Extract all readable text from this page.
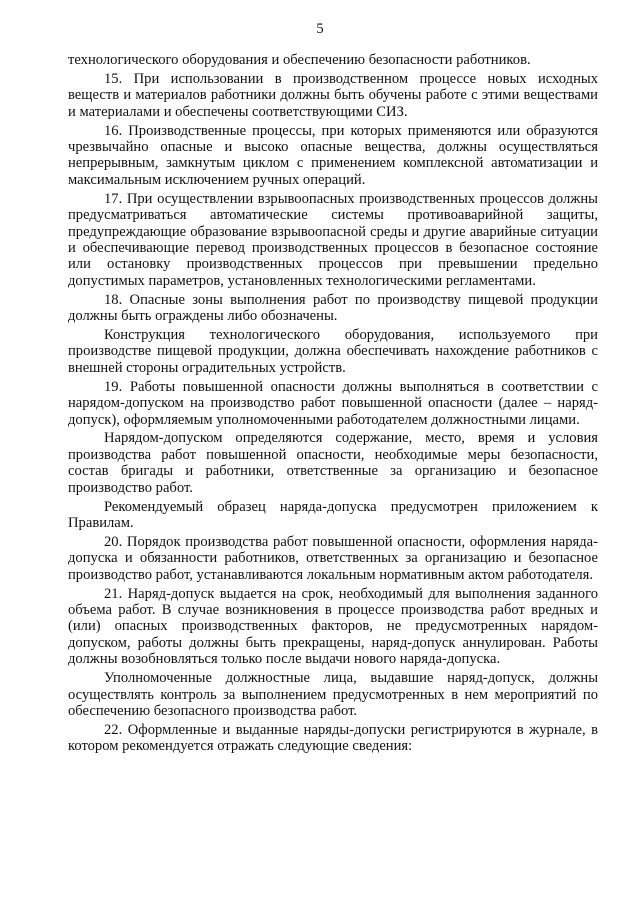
5

технологического оборудования и обеспечению безопасности работников.

15. При использовании в производственном процессе новых исходных веществ и материалов работники должны быть обучены работе с этими веществами и материалами и обеспечены соответствующими СИЗ.

16. Производственные процессы, при которых применяются или образуются чрезвычайно опасные и высоко опасные вещества, должны осуществляться непрерывным, замкнутым циклом с применением комплексной автоматизации и максимальным исключением ручных операций.

17. При осуществлении взрывоопасных производственных процессов должны предусматриваться автоматические системы противоаварийной защиты, предупреждающие образование взрывоопасной среды и другие аварийные ситуации и обеспечивающие перевод производственных процессов в безопасное состояние или остановку производственных процессов при превышении предельно допустимых параметров, установленных технологическими регламентами.

18. Опасные зоны выполнения работ по производству пищевой продукции должны быть ограждены либо обозначены.

Конструкция технологического оборудования, используемого при производстве пищевой продукции, должна обеспечивать нахождение работников с внешней стороны оградительных устройств.

19. Работы повышенной опасности должны выполняться в соответствии с нарядом-допуском на производство работ повышенной опасности (далее – наряд-допуск), оформляемым уполномоченными работодателем должностными лицами.

Нарядом-допуском определяются содержание, место, время и условия производства работ повышенной опасности, необходимые меры безопасности, состав бригады и работники, ответственные за организацию и безопасное производство работ.

Рекомендуемый образец наряда-допуска предусмотрен приложением к Правилам.

20. Порядок производства работ повышенной опасности, оформления наряда-допуска и обязанности работников, ответственных за организацию и безопасное производство работ, устанавливаются локальным нормативным актом работодателя.

21. Наряд-допуск выдается на срок, необходимый для выполнения заданного объема работ. В случае возникновения в процессе производства работ вредных и (или) опасных производственных факторов, не предусмотренных нарядом-допуском, работы должны быть прекращены, наряд-допуск аннулирован. Работы должны возобновляться только после выдачи нового наряда-допуска.

Уполномоченные должностные лица, выдавшие наряд-допуск, должны осуществлять контроль за выполнением предусмотренных в нем мероприятий по обеспечению безопасного производства работ.

22. Оформленные и выданные наряды-допуски регистрируются в журнале, в котором рекомендуется отражать следующие сведения:
